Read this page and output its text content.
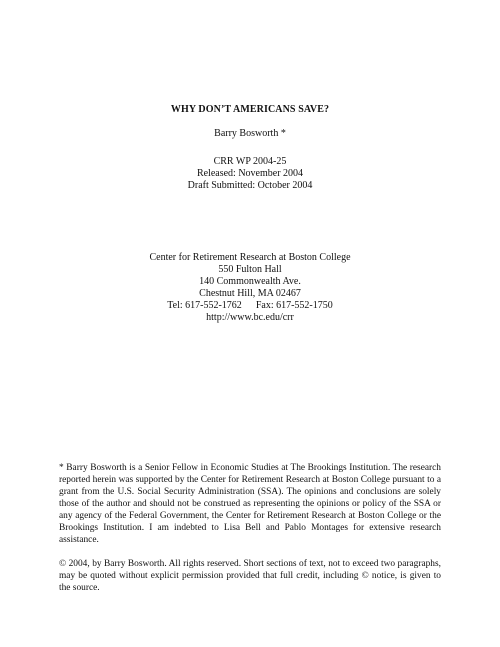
WHY DON’T AMERICANS SAVE?
Barry Bosworth *
CRR WP 2004-25
Released: November 2004
Draft Submitted: October 2004
Center for Retirement Research at Boston College
550 Fulton Hall
140 Commonwealth Ave.
Chestnut Hill, MA 02467
Tel: 617-552-1762 Fax: 617-552-1750
http://www.bc.edu/crr
* Barry Bosworth is a Senior Fellow in Economic Studies at The Brookings Institution. The research reported herein was supported by the Center for Retirement Research at Boston College pursuant to a grant from the U.S. Social Security Administration (SSA). The opinions and conclusions are solely those of the author and should not be construed as representing the opinions or policy of the SSA or any agency of the Federal Government, the Center for Retirement Research at Boston College or the Brookings Institution. I am indebted to Lisa Bell and Pablo Montages for extensive research assistance.
© 2004, by Barry Bosworth. All rights reserved. Short sections of text, not to exceed two paragraphs, may be quoted without explicit permission provided that full credit, including © notice, is given to the source.
